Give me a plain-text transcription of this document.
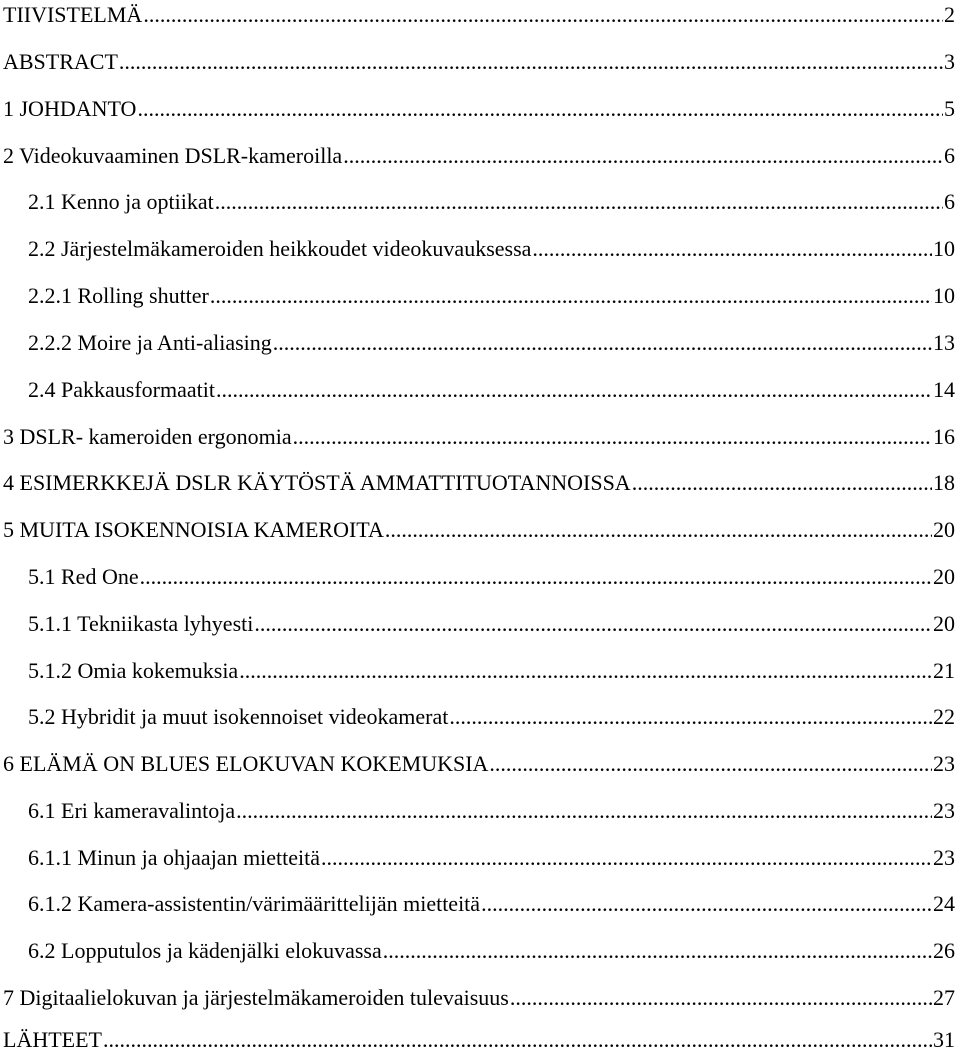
TIIVISTELMÄ .....	2
ABSTRACT .....	3
1 JOHDANTO .....	5
2 Videokuvaaminen DSLR-kameroilla .....	6
2.1 Kenno ja optiikat .....	6
2.2 Järjestelmäkameroiden heikkoudet videokuvauksessa .....	10
2.2.1 Rolling shutter .....	10
2.2.2 Moire ja Anti-aliasing .....	13
2.4 Pakkausformaatit .....	14
3 DSLR- kameroiden ergonomia .....	16
4 ESIMERKKEJÄ DSLR KÄYTÖSTÄ AMMATTITUOTANNOISSA .....	18
5 MUITA ISOKENNOISIA KAMEROITA .....	20
5.1 Red One .....	20
5.1.1 Tekniikasta lyhyesti .....	20
5.1.2 Omia kokemuksia .....	21
5.2 Hybridit ja muut isokennoiset videokamerat .....	22
6 ELÄMÄ ON BLUES ELOKUVAN KOKEMUKSIA .....	23
6.1 Eri kameravalintoja .....	23
6.1.1 Minun ja ohjaajan mietteitä .....	23
6.1.2 Kamera-assistentin/värimäärittelijän mietteitä .....	24
6.2 Lopputulos ja kädenjälki elokuvassa .....	26
7 Digitaalielokuvan ja järjestelmäkameroiden tulevaisuus .....	27
LÄHTEET .....	31
